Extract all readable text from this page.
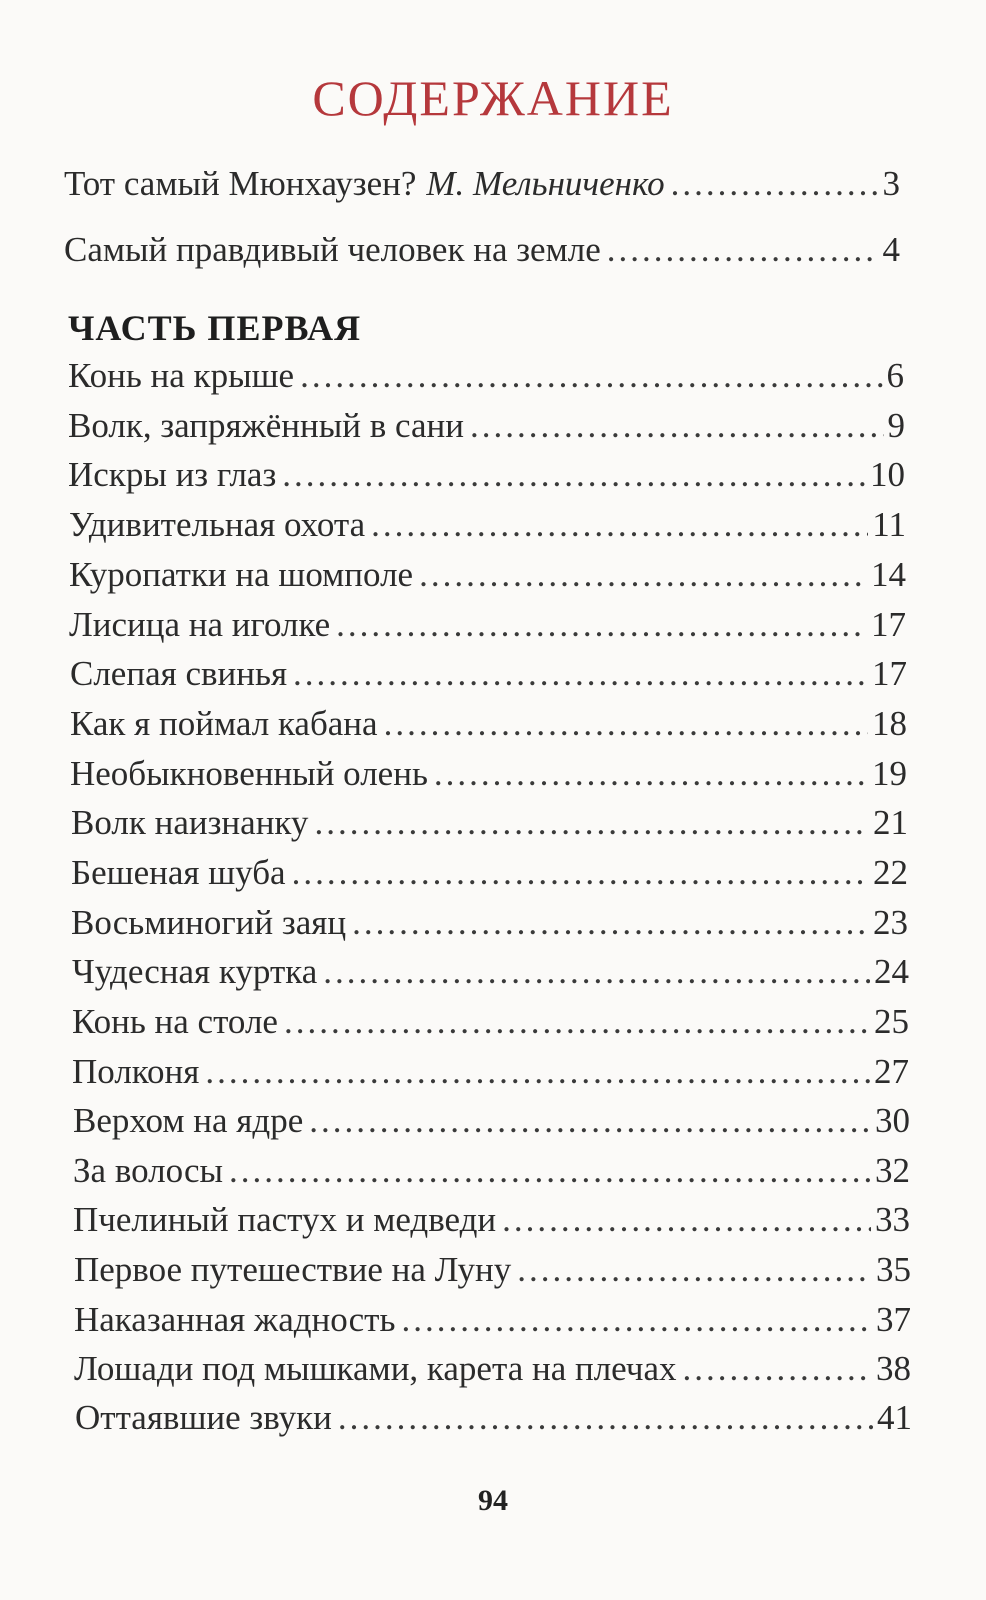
СОДЕРЖАНИЕ
Тот самый Мюнхаузен? М. Мельниченко .....	3
Самый правдивый человек на земле .....	4
ЧАСТЬ ПЕРВАЯ
Конь на крыше .....	6
Волк, запряжённый в сани .....	9
Искры из глаз .....	10
Удивительная охота .....	11
Куропатки на шомполе .....	14
Лисица на иголке .....	17
Слепая свинья .....	17
Как я поймал кабана .....	18
Необыкновенный олень .....	19
Волк наизнанку .....	21
Бешеная шуба .....	22
Восьминогий заяц .....	23
Чудесная куртка .....	24
Конь на столе .....	25
Полконя .....	27
Верхом на ядре .....	30
За волосы .....	32
Пчелиный пастух и медведи .....	33
Первое путешествие на Луну .....	35
Наказанная жадность .....	37
Лошади под мышками, карета на плечах .....	38
Оттаявшие звуки .....	41
94
